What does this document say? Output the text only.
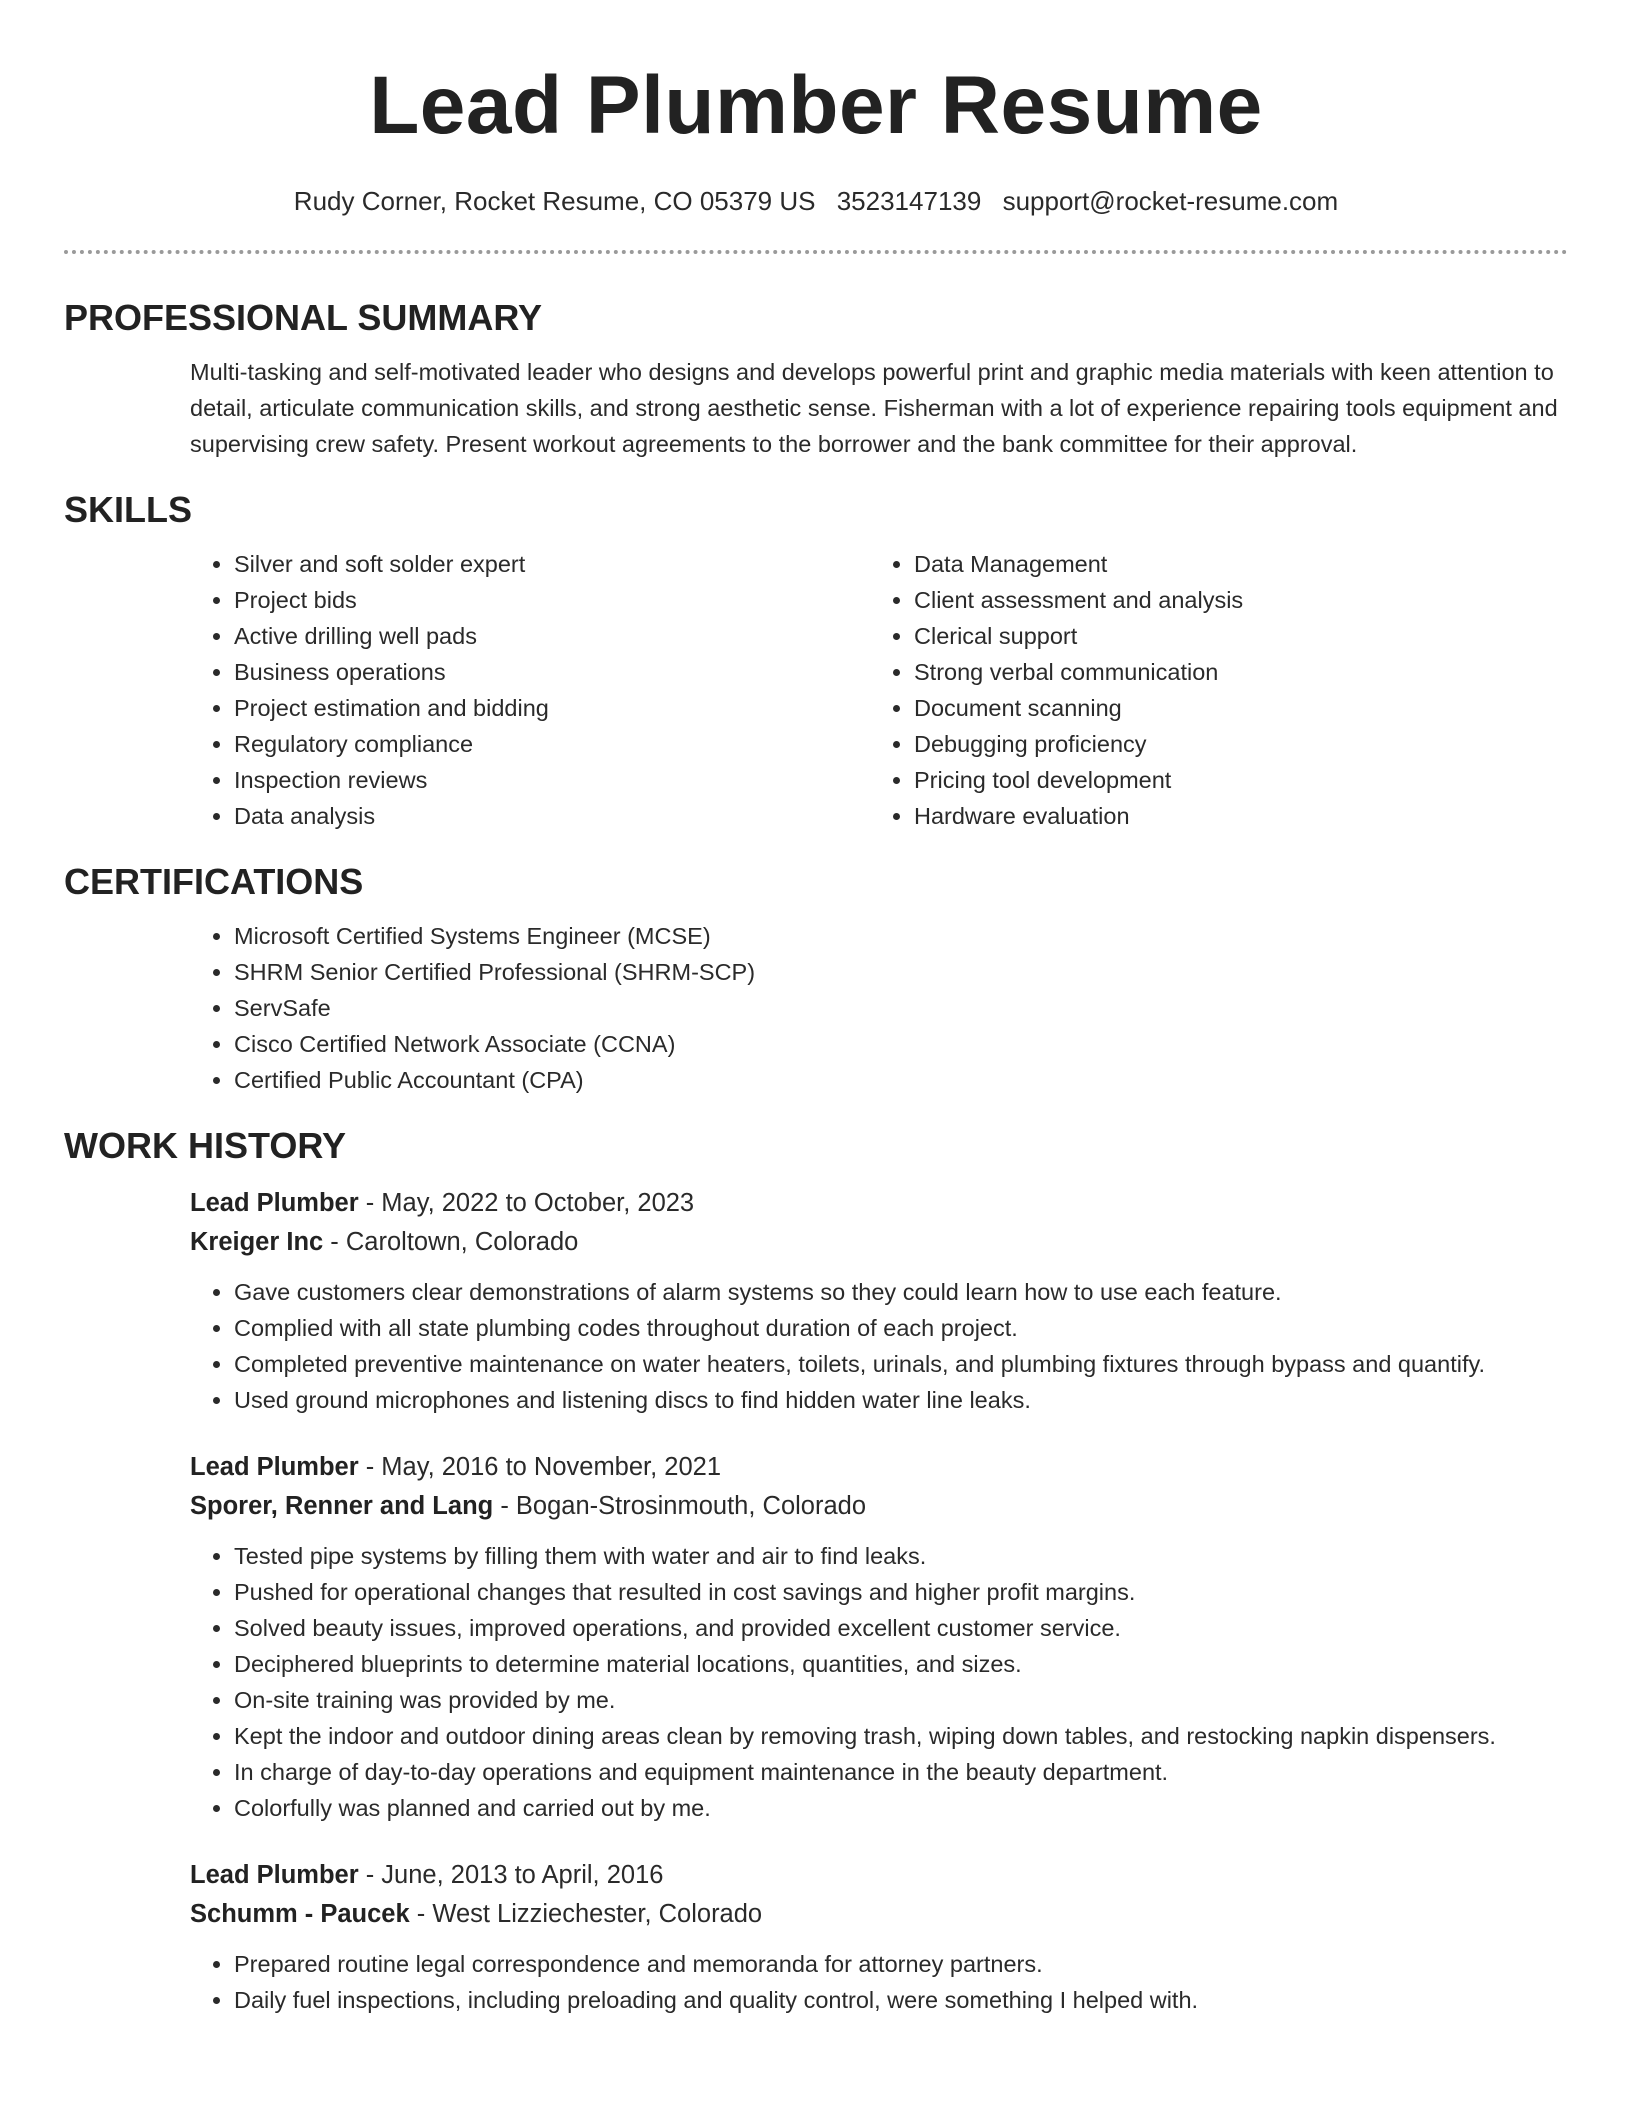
Lead Plumber Resume
Rudy Corner, Rocket Resume, CO 05379 US 3523147139 support@rocket-resume.com
PROFESSIONAL SUMMARY

Multi-tasking and self-motivated leader who designs and develops powerful print and graphic media materials with keen attention to detail, articulate communication skills, and strong aesthetic sense. Fisherman with a lot of experience repairing tools equipment and supervising crew safety. Present workout agreements to the borrower and the bank committee for their approval.

SKILLS
• Silver and soft solder expert
• Project bids
• Active drilling well pads
• Business operations
• Project estimation and bidding
• Regulatory compliance
• Inspection reviews
• Data analysis
• Data Management
• Client assessment and analysis
• Clerical support
• Strong verbal communication
• Document scanning
• Debugging proficiency
• Pricing tool development
• Hardware evaluation
CERTIFICATIONS
• Microsoft Certified Systems Engineer (MCSE)
• SHRM Senior Certified Professional (SHRM-SCP)
• ServSafe
• Cisco Certified Network Associate (CCNA)
• Certified Public Accountant (CPA)
WORK HISTORY
Lead Plumber - May, 2022 to October, 2023
Kreiger Inc - Caroltown, Colorado
• Gave customers clear demonstrations of alarm systems so they could learn how to use each feature.
• Complied with all state plumbing codes throughout duration of each project.
• Completed preventive maintenance on water heaters, toilets, urinals, and plumbing fixtures through bypass and quantify.
• Used ground microphones and listening discs to find hidden water line leaks.
Lead Plumber - May, 2016 to November, 2021
Sporer, Renner and Lang - Bogan-Strosinmouth, Colorado
• Tested pipe systems by filling them with water and air to find leaks.
• Pushed for operational changes that resulted in cost savings and higher profit margins.
• Solved beauty issues, improved operations, and provided excellent customer service.
• Deciphered blueprints to determine material locations, quantities, and sizes.
• On-site training was provided by me.
• Kept the indoor and outdoor dining areas clean by removing trash, wiping down tables, and restocking napkin dispensers.
• In charge of day-to-day operations and equipment maintenance in the beauty department.
• Colorfully was planned and carried out by me.
Lead Plumber - June, 2013 to April, 2016
Schumm - Paucek - West Lizziechester, Colorado
• Prepared routine legal correspondence and memoranda for attorney partners.
• Daily fuel inspections, including preloading and quality control, were something I helped with.
